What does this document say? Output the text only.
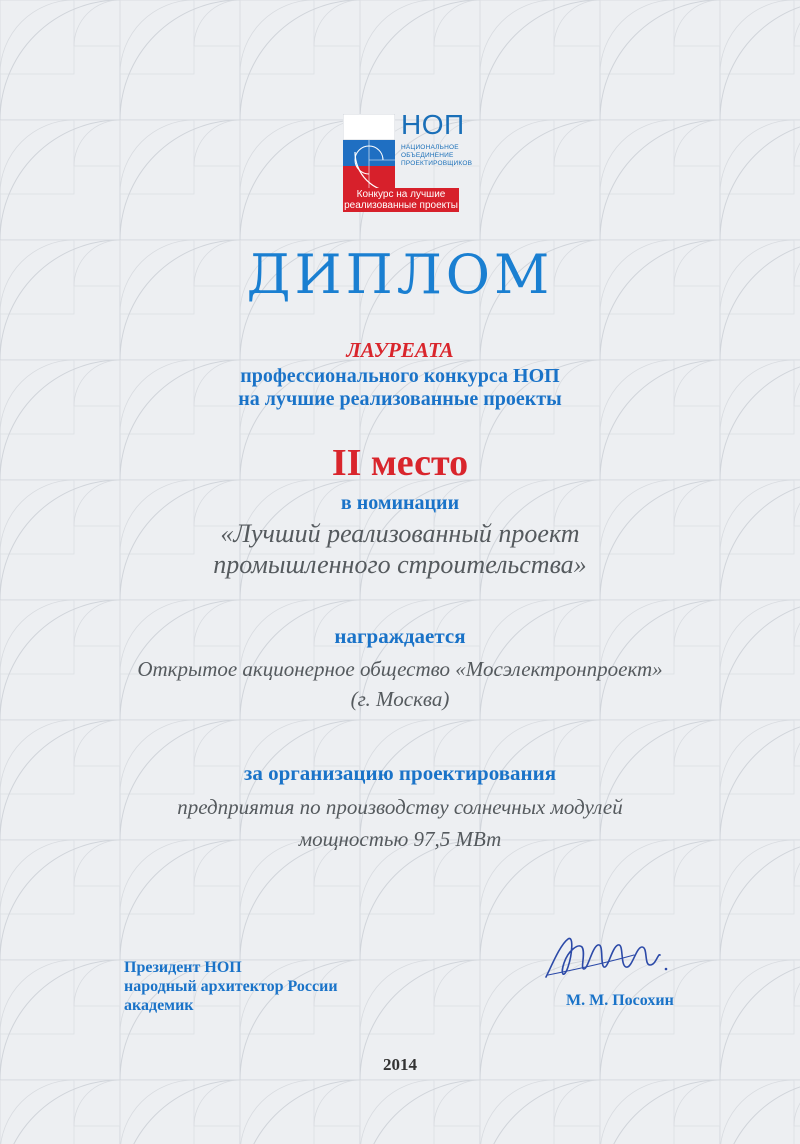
НОП
НАЦИОНАЛЬНОЕ
ОБЪЕДИНЕНИЕ
ПРОЕКТИРОВЩИКОВ
Конкурс на лучшие
реализованные проекты
ДИПЛОМ
ЛАУРЕАТА
профессионального конкурса НОП
на лучшие реализованные проекты
II место
в номинации
«Лучший реализованный проект
промышленного строительства»
награждается
Открытое акционерное общество «Мосэлектронпроект»
(г. Москва)
за организацию проектирования
предприятия по производству солнечных модулей
мощностью 97,5 МВт
Президент НОП
народный архитектор России
академик	М. М. Посохин
2014
